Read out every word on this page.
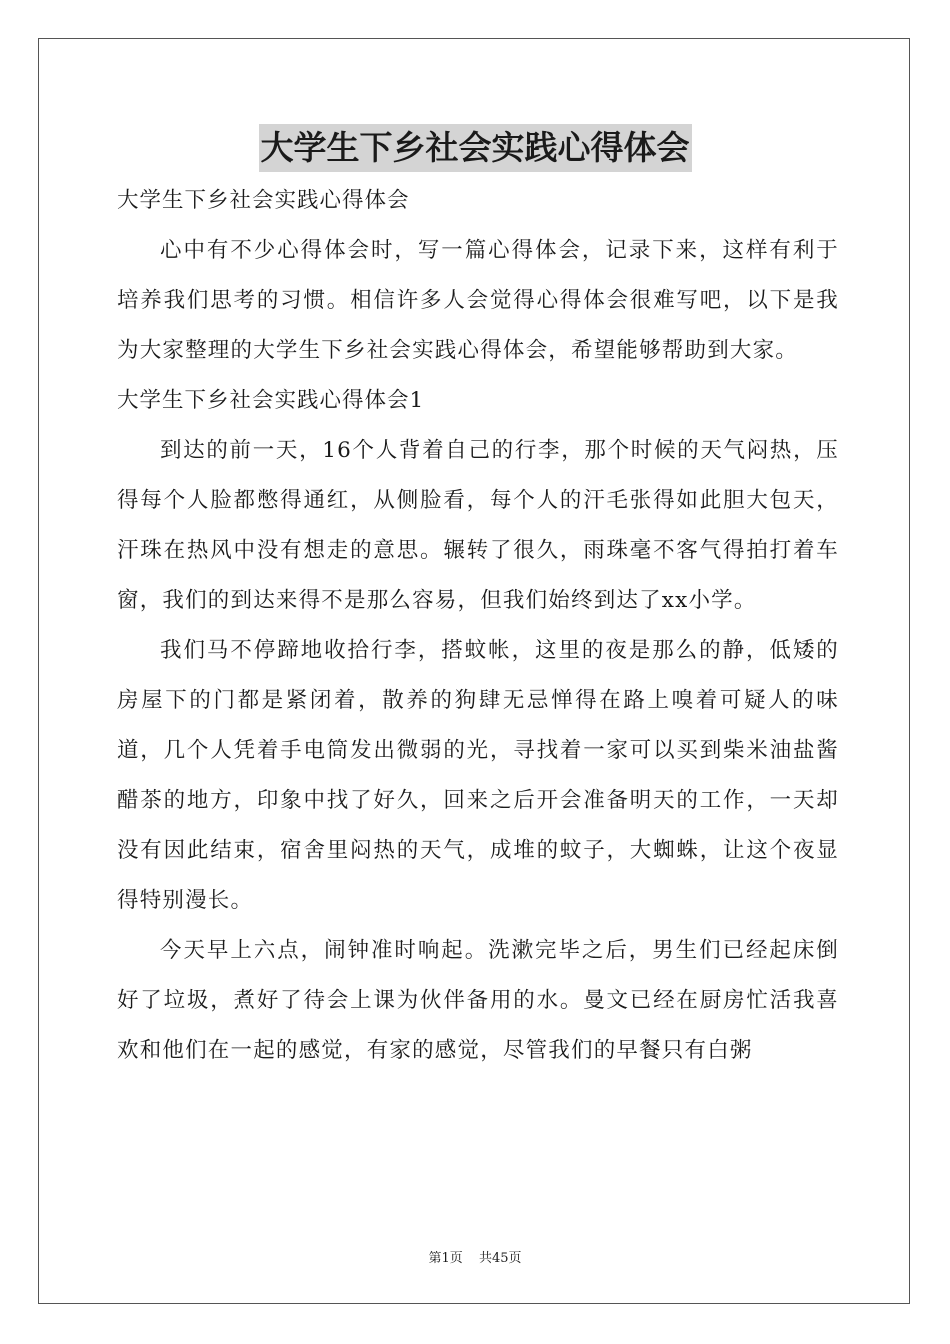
大学生下乡社会实践心得体会

大学生下乡社会实践心得体会

心中有不少心得体会时，写一篇心得体会，记录下来，这样有利于培养我们思考的习惯。相信许多人会觉得心得体会很难写吧，以下是我为大家整理的大学生下乡社会实践心得体会，希望能够帮助到大家。

大学生下乡社会实践心得体会1

到达的前一天，16个人背着自己的行李，那个时候的天气闷热，压得每个人脸都憋得通红，从侧脸看，每个人的汗毛张得如此胆大包天，汗珠在热风中没有想走的意思。辗转了很久，雨珠毫不客气得拍打着车窗，我们的到达来得不是那么容易，但我们始终到达了xx小学。

我们马不停蹄地收拾行李，搭蚊帐，这里的夜是那么的静，低矮的房屋下的门都是紧闭着，散养的狗肆无忌惮得在路上嗅着可疑人的味道，几个人凭着手电筒发出微弱的光，寻找着一家可以买到柴米油盐酱醋茶的地方，印象中找了好久，回来之后开会准备明天的工作，一天却没有因此结束，宿舍里闷热的天气，成堆的蚊子，大蜘蛛，让这个夜显得特别漫长。

今天早上六点，闹钟准时响起。洗漱完毕之后，男生们已经起床倒好了垃圾，煮好了待会上课为伙伴备用的水。曼文已经在厨房忙活我喜欢和他们在一起的感觉，有家的感觉，尽管我们的早餐只有白粥

第1页 共45页
